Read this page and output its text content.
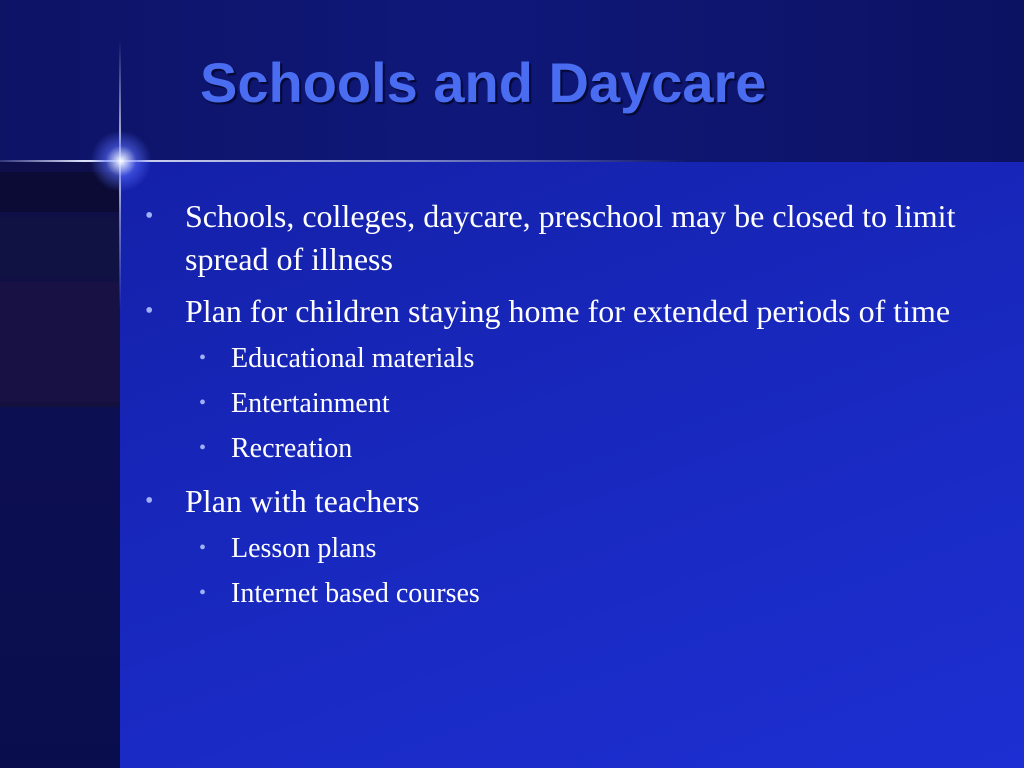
Schools and Daycare
• Schools, colleges, daycare, preschool may be closed to limit spread of illness
• Plan for children staying home for extended periods of time
• Educational materials
• Entertainment
• Recreation
• Plan with teachers
• Lesson plans
• Internet based courses
